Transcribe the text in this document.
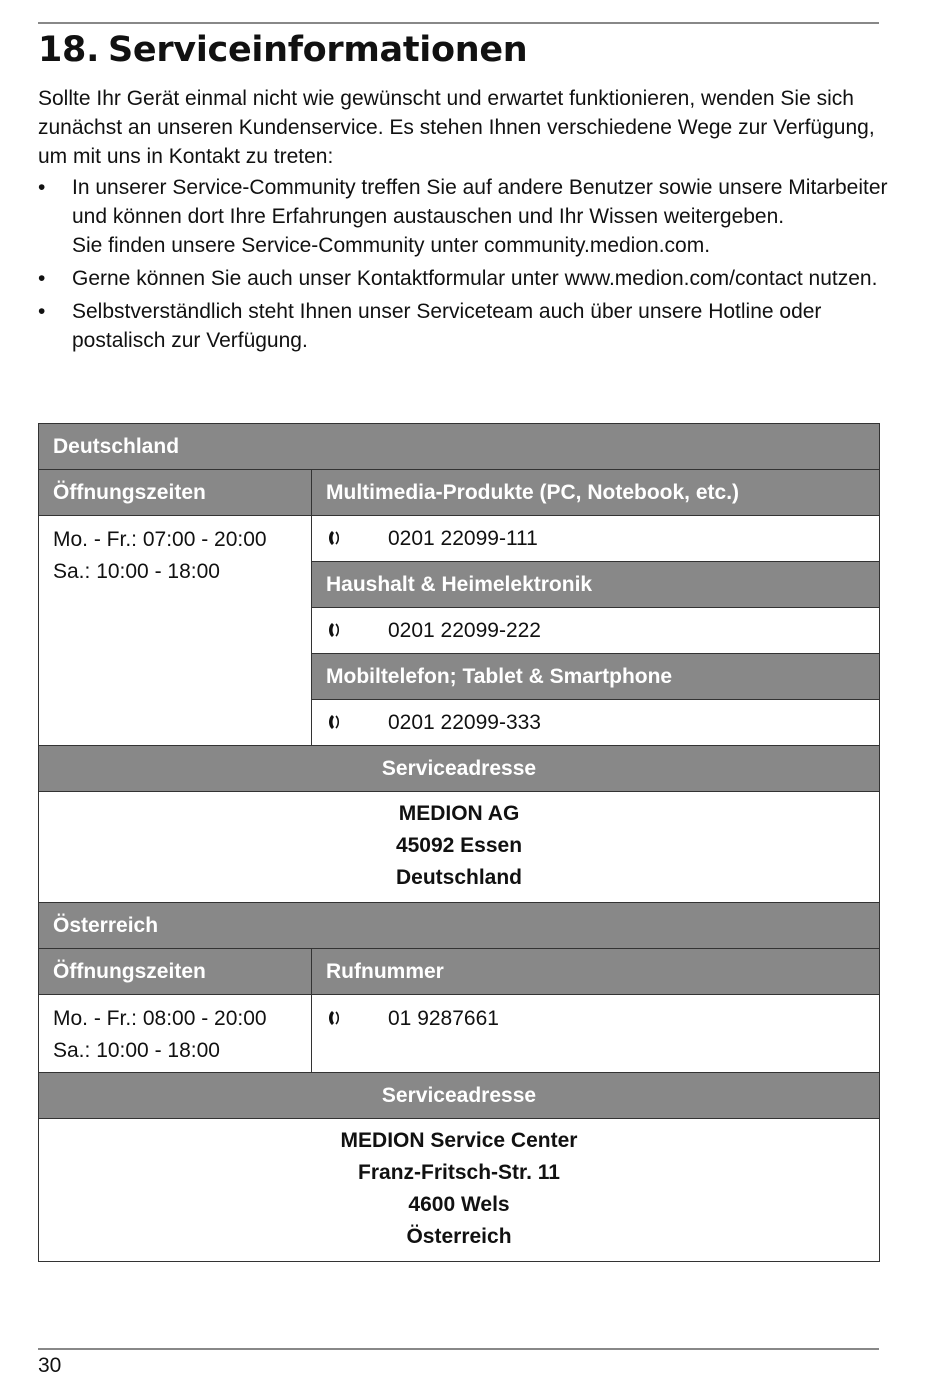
18. Serviceinformationen

Sollte Ihr Gerät einmal nicht wie gewünscht und erwartet funktionieren, wenden Sie sich zunächst an unseren Kundenservice. Es stehen Ihnen verschiedene Wege zur Verfügung, um mit uns in Kontakt zu treten:

• In unserer Service-Community treffen Sie auf andere Benutzer sowie unsere Mitarbeiter und können dort Ihre Erfahrungen austauschen und Ihr Wissen weitergeben.
Sie finden unsere Service-Community unter community.medion.com.
• Gerne können Sie auch unser Kontaktformular unter www.medion.com/contact nutzen.
• Selbstverständlich steht Ihnen unser Serviceteam auch über unsere Hotline oder postalisch zur Verfügung.
Deutschland	
Öffnungszeiten	Multimedia-Produkte (PC, Notebook, etc.)

Mo. - Fr.: 07:00 - 20:00
Sa.: 10:00 - 18:00	0201 22099-111
	Haushalt & Heimelektronik
	0201 22099-222
	Mobiltelefon; Tablet & Smartphone
	0201 22099-333
Serviceadresse	

MEDION AG
45092 Essen
Deutschland	

Österreich	
Öffnungszeiten	Rufnummer

Mo. - Fr.: 08:00 - 20:00
Sa.: 10:00 - 18:00	01 9287661
Serviceadresse	

MEDION Service Center
Franz-Fritsch-Str. 11
4600 Wels
Österreich	
30
